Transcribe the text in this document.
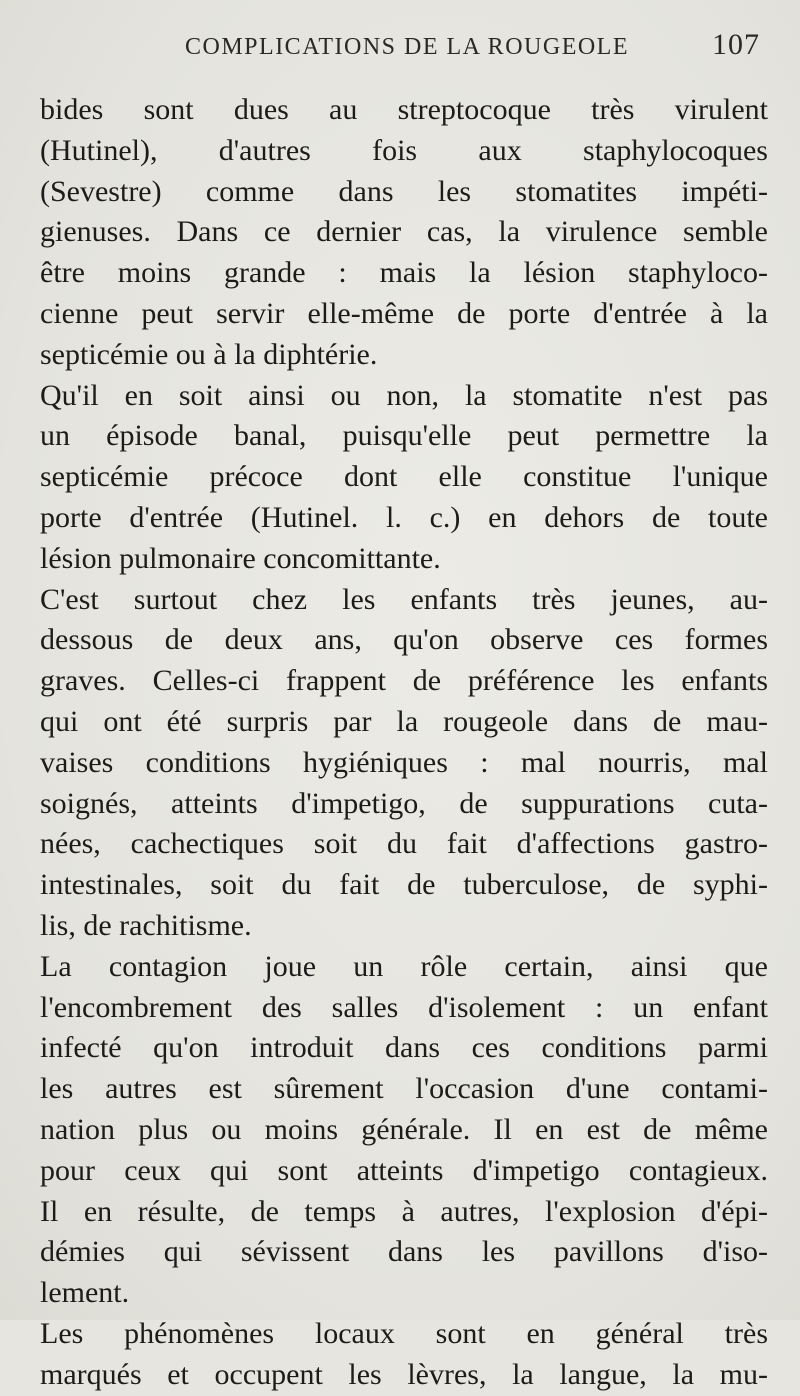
COMPLICATIONS DE LA ROUGEOLE	107
bides sont dues au streptocoque très virulent
(Hutinel), d'autres fois aux staphylocoques
(Sevestre) comme dans les stomatites impéti-
gienuses. Dans ce dernier cas, la virulence semble
être moins grande : mais la lésion staphyloco-
cienne peut servir elle-même de porte d'entrée à la
septicémie ou à la diphtérie.
Qu'il en soit ainsi ou non, la stomatite n'est pas
un épisode banal, puisqu'elle peut permettre la
septicémie précoce dont elle constitue l'unique
porte d'entrée (Hutinel. l. c.) en dehors de toute
lésion pulmonaire concomittante.
C'est surtout chez les enfants très jeunes, au-
dessous de deux ans, qu'on observe ces formes
graves. Celles-ci frappent de préférence les enfants
qui ont été surpris par la rougeole dans de mau-
vaises conditions hygiéniques : mal nourris, mal
soignés, atteints d'impetigo, de suppurations cuta-
nées, cachectiques soit du fait d'affections gastro-
intestinales, soit du fait de tuberculose, de syphi-
lis, de rachitisme.
La contagion joue un rôle certain, ainsi que
l'encombrement des salles d'isolement : un enfant
infecté qu'on introduit dans ces conditions parmi
les autres est sûrement l'occasion d'une contami-
nation plus ou moins générale. Il en est de même
pour ceux qui sont atteints d'impetigo contagieux.
Il en résulte, de temps à autres, l'explosion d'épi-
démies qui sévissent dans les pavillons d'iso-
lement.
Les phénomènes locaux sont en général très
marqués et occupent les lèvres, la langue, la mu-
